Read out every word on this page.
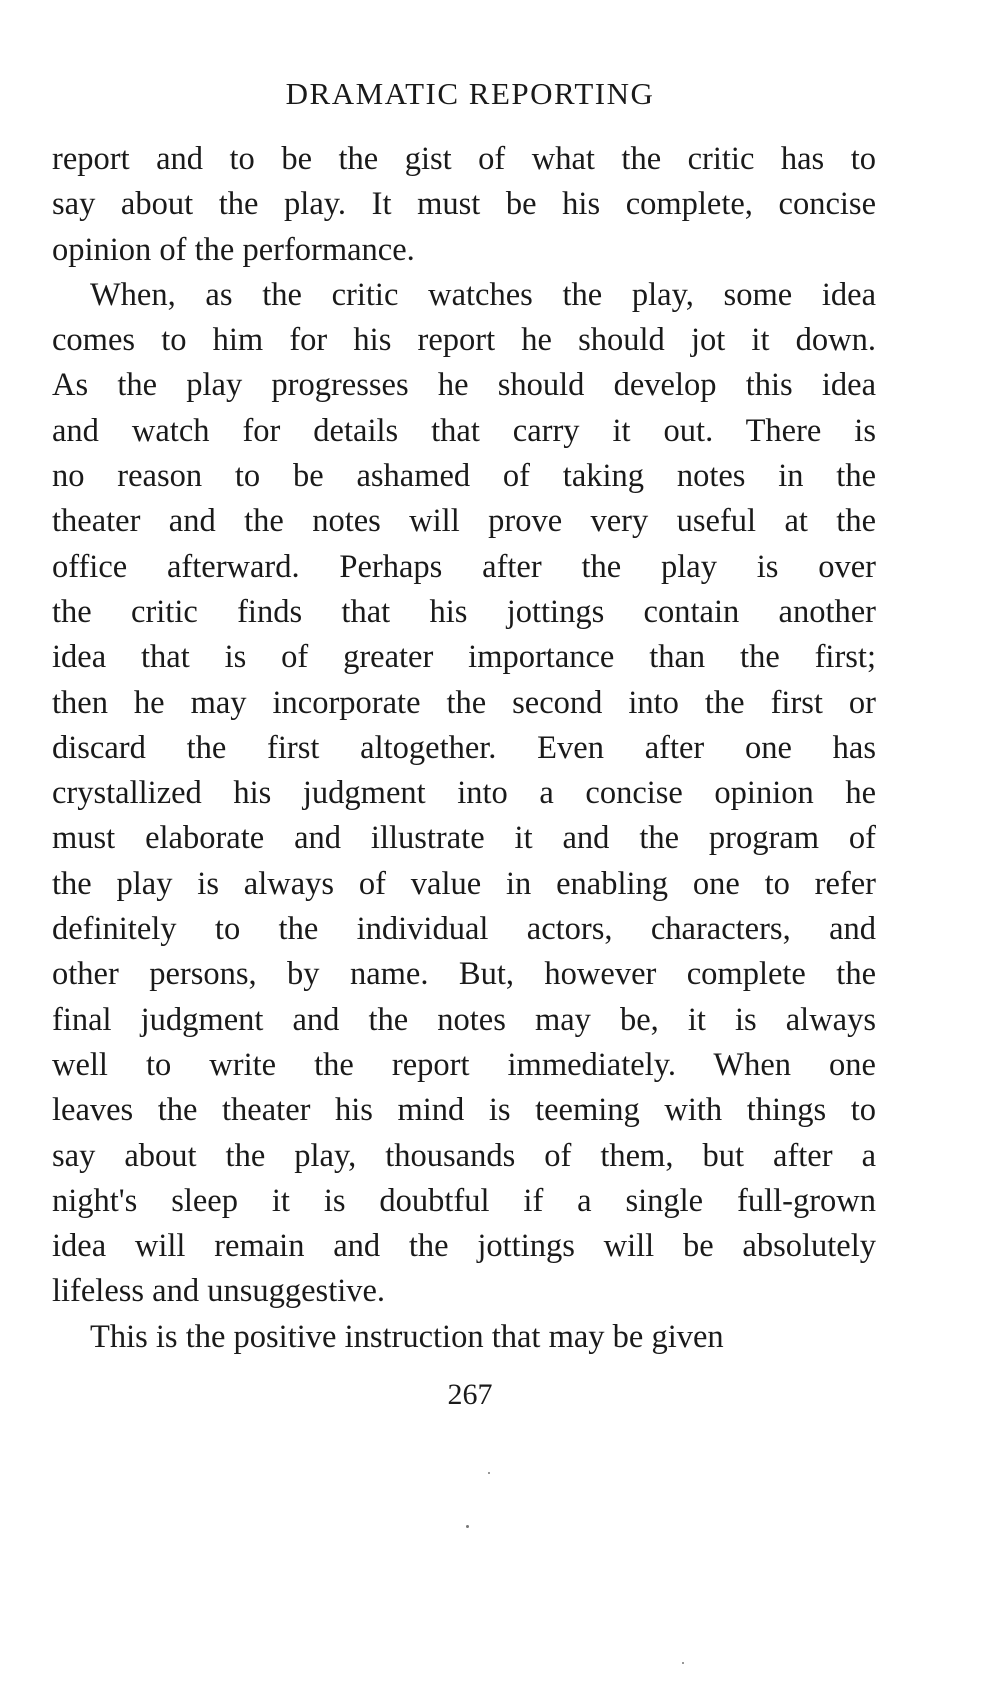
DRAMATIC REPORTING
report and to be the gist of what the critic has to
say about the play. It must be his complete, concise
opinion of the performance.
When, as the critic watches the play, some idea
comes to him for his report he should jot it down.
As the play progresses he should develop this idea
and watch for details that carry it out. There is
no reason to be ashamed of taking notes in the
theater and the notes will prove very useful at the
office afterward. Perhaps after the play is over
the critic finds that his jottings contain another
idea that is of greater importance than the first;
then he may incorporate the second into the first or
discard the first altogether. Even after one has
crystallized his judgment into a concise opinion he
must elaborate and illustrate it and the program of
the play is always of value in enabling one to refer
definitely to the individual actors, characters, and
other persons, by name. But, however complete the
final judgment and the notes may be, it is always
well to write the report immediately. When one
leaves the theater his mind is teeming with things to
say about the play, thousands of them, but after a
night's sleep it is doubtful if a single full-grown
idea will remain and the jottings will be absolutely
lifeless and unsuggestive.
This is the positive instruction that may be given
267
